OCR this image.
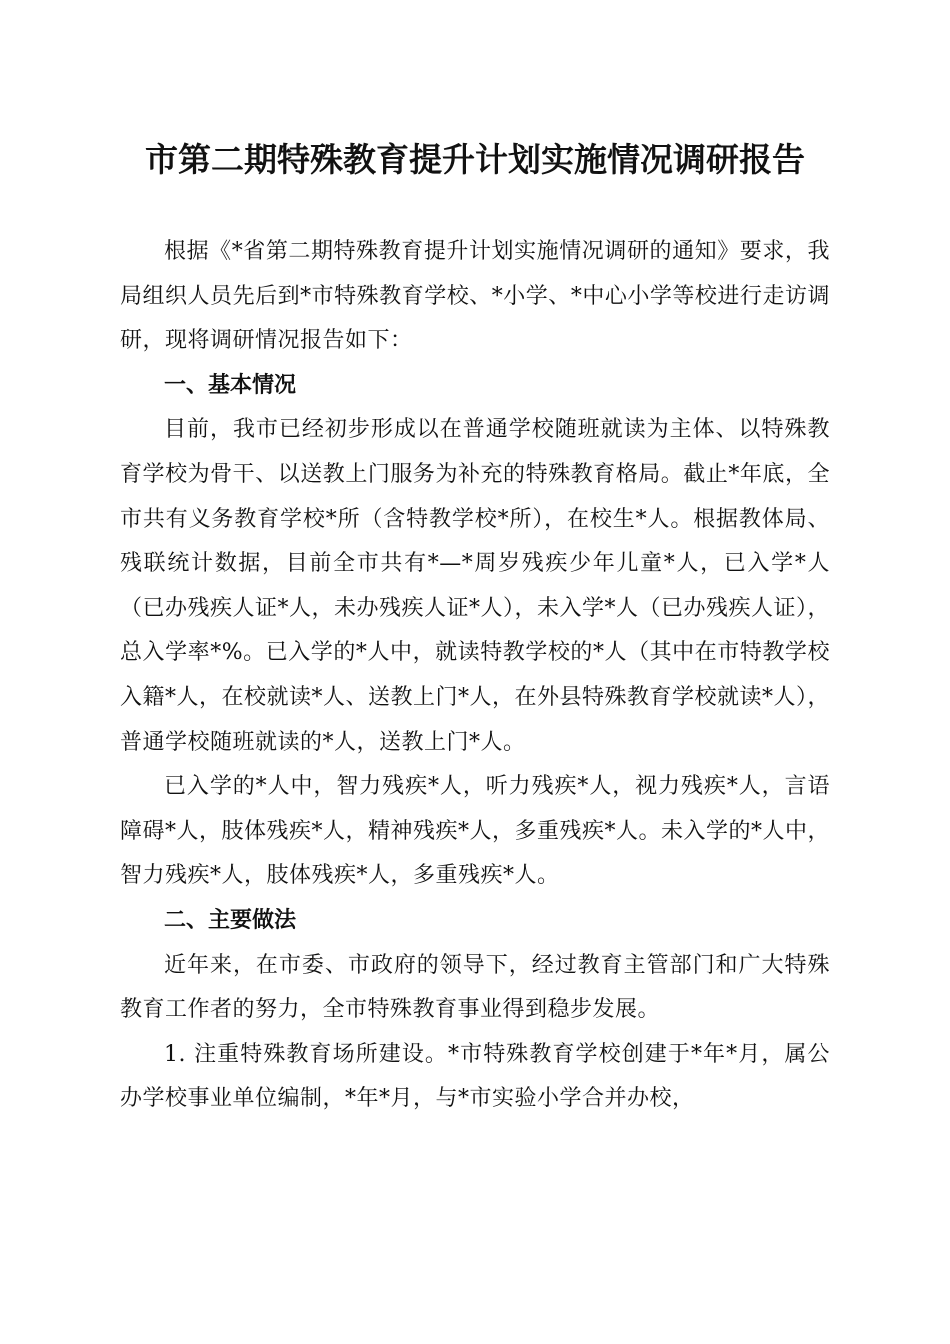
市第二期特殊教育提升计划实施情况调研报告

根据《*省第二期特殊教育提升计划实施情况调研的通知》要求，我局组织人员先后到*市特殊教育学校、*小学、*中心小学等校进行走访调研，现将调研情况报告如下：

一、基本情况

目前，我市已经初步形成以在普通学校随班就读为主体、以特殊教育学校为骨干、以送教上门服务为补充的特殊教育格局。截止*年底，全市共有义务教育学校*所（含特教学校*所），在校生*人。根据教体局、残联统计数据，目前全市共有*—*周岁残疾少年儿童*人，已入学*人（已办残疾人证*人，未办残疾人证*人），未入学*人（已办残疾人证），总入学率*%。已入学的*人中，就读特教学校的*人（其中在市特教学校入籍*人，在校就读*人、送教上门*人，在外县特殊教育学校就读*人），普通学校随班就读的*人，送教上门*人。

已入学的*人中，智力残疾*人，听力残疾*人，视力残疾*人，言语障碍*人，肢体残疾*人，精神残疾*人，多重残疾*人。未入学的*人中，智力残疾*人，肢体残疾*人，多重残疾*人。

二、主要做法

近年来，在市委、市政府的领导下，经过教育主管部门和广大特殊教育工作者的努力，全市特殊教育事业得到稳步发展。

1. 注重特殊教育场所建设。*市特殊教育学校创建于*年*月，属公办学校事业单位编制，*年*月，与*市实验小学合并办校，
